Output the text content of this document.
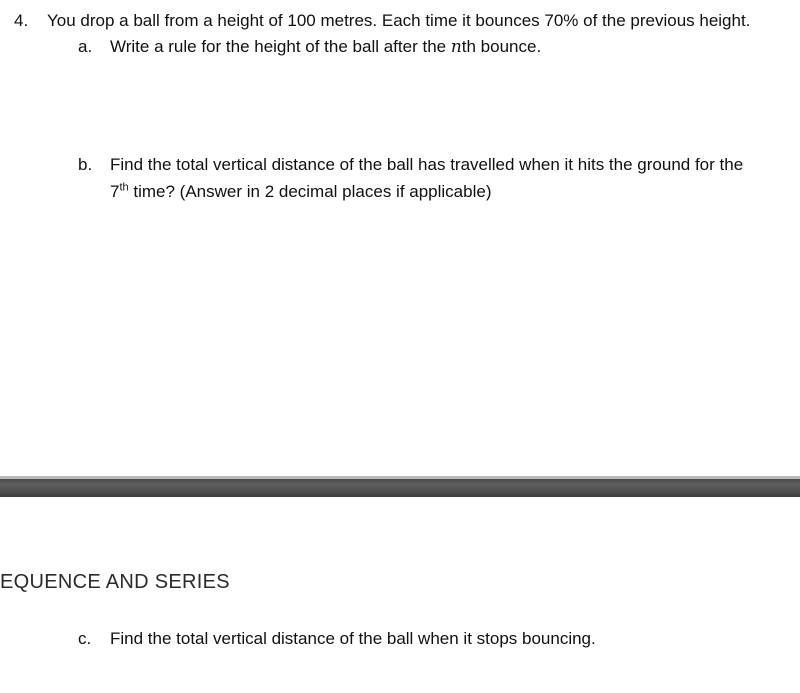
4. You drop a ball from a height of 100 metres. Each time it bounces 70% of the previous height.
a. Write a rule for the height of the ball after the nth bounce.
b. Find the total vertical distance of the ball has travelled when it hits the ground for the
7th time? (Answer in 2 decimal places if applicable)
EQUENCE AND SERIES
c. Find the total vertical distance of the ball when it stops bouncing.
